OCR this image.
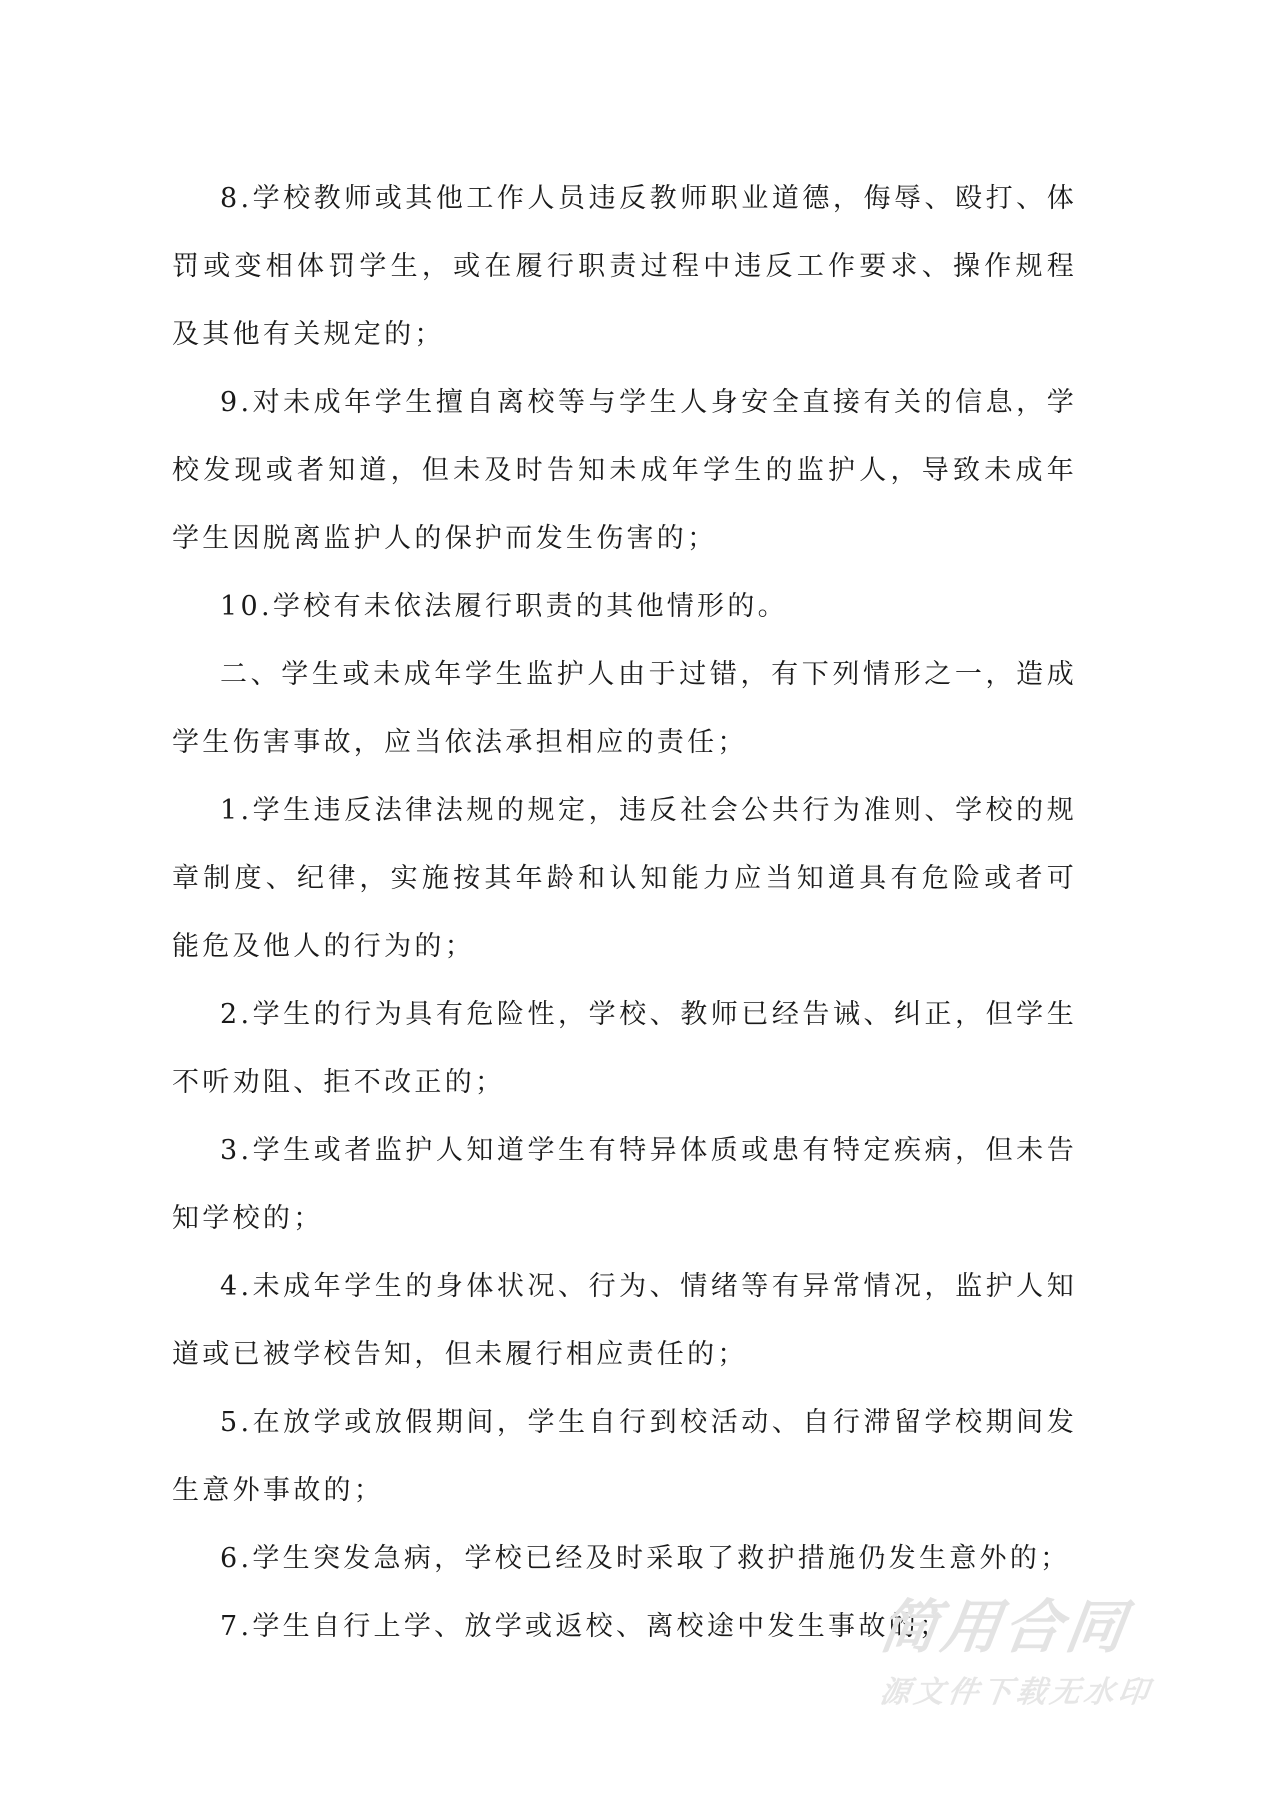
8.学校教师或其他工作人员违反教师职业道德，侮辱、殴打、体罚或变相体罚学生，或在履行职责过程中违反工作要求、操作规程及其他有关规定的；

9.对未成年学生擅自离校等与学生人身安全直接有关的信息，学校发现或者知道，但未及时告知未成年学生的监护人，导致未成年学生因脱离监护人的保护而发生伤害的；

10.学校有未依法履行职责的其他情形的。

二、学生或未成年学生监护人由于过错，有下列情形之一，造成学生伤害事故，应当依法承担相应的责任；

1.学生违反法律法规的规定，违反社会公共行为准则、学校的规章制度、纪律，实施按其年龄和认知能力应当知道具有危险或者可能危及他人的行为的；

2.学生的行为具有危险性，学校、教师已经告诫、纠正，但学生不听劝阻、拒不改正的；

3.学生或者监护人知道学生有特异体质或患有特定疾病，但未告知学校的；

4.未成年学生的身体状况、行为、情绪等有异常情况，监护人知道或已被学校告知，但未履行相应责任的；

5.在放学或放假期间，学生自行到校活动、自行滞留学校期间发生意外事故的；

6.学生突发急病，学校已经及时采取了救护措施仍发生意外的；

7.学生自行上学、放学或返校、离校途中发生事故的；

简用合同
源文件下载无水印
